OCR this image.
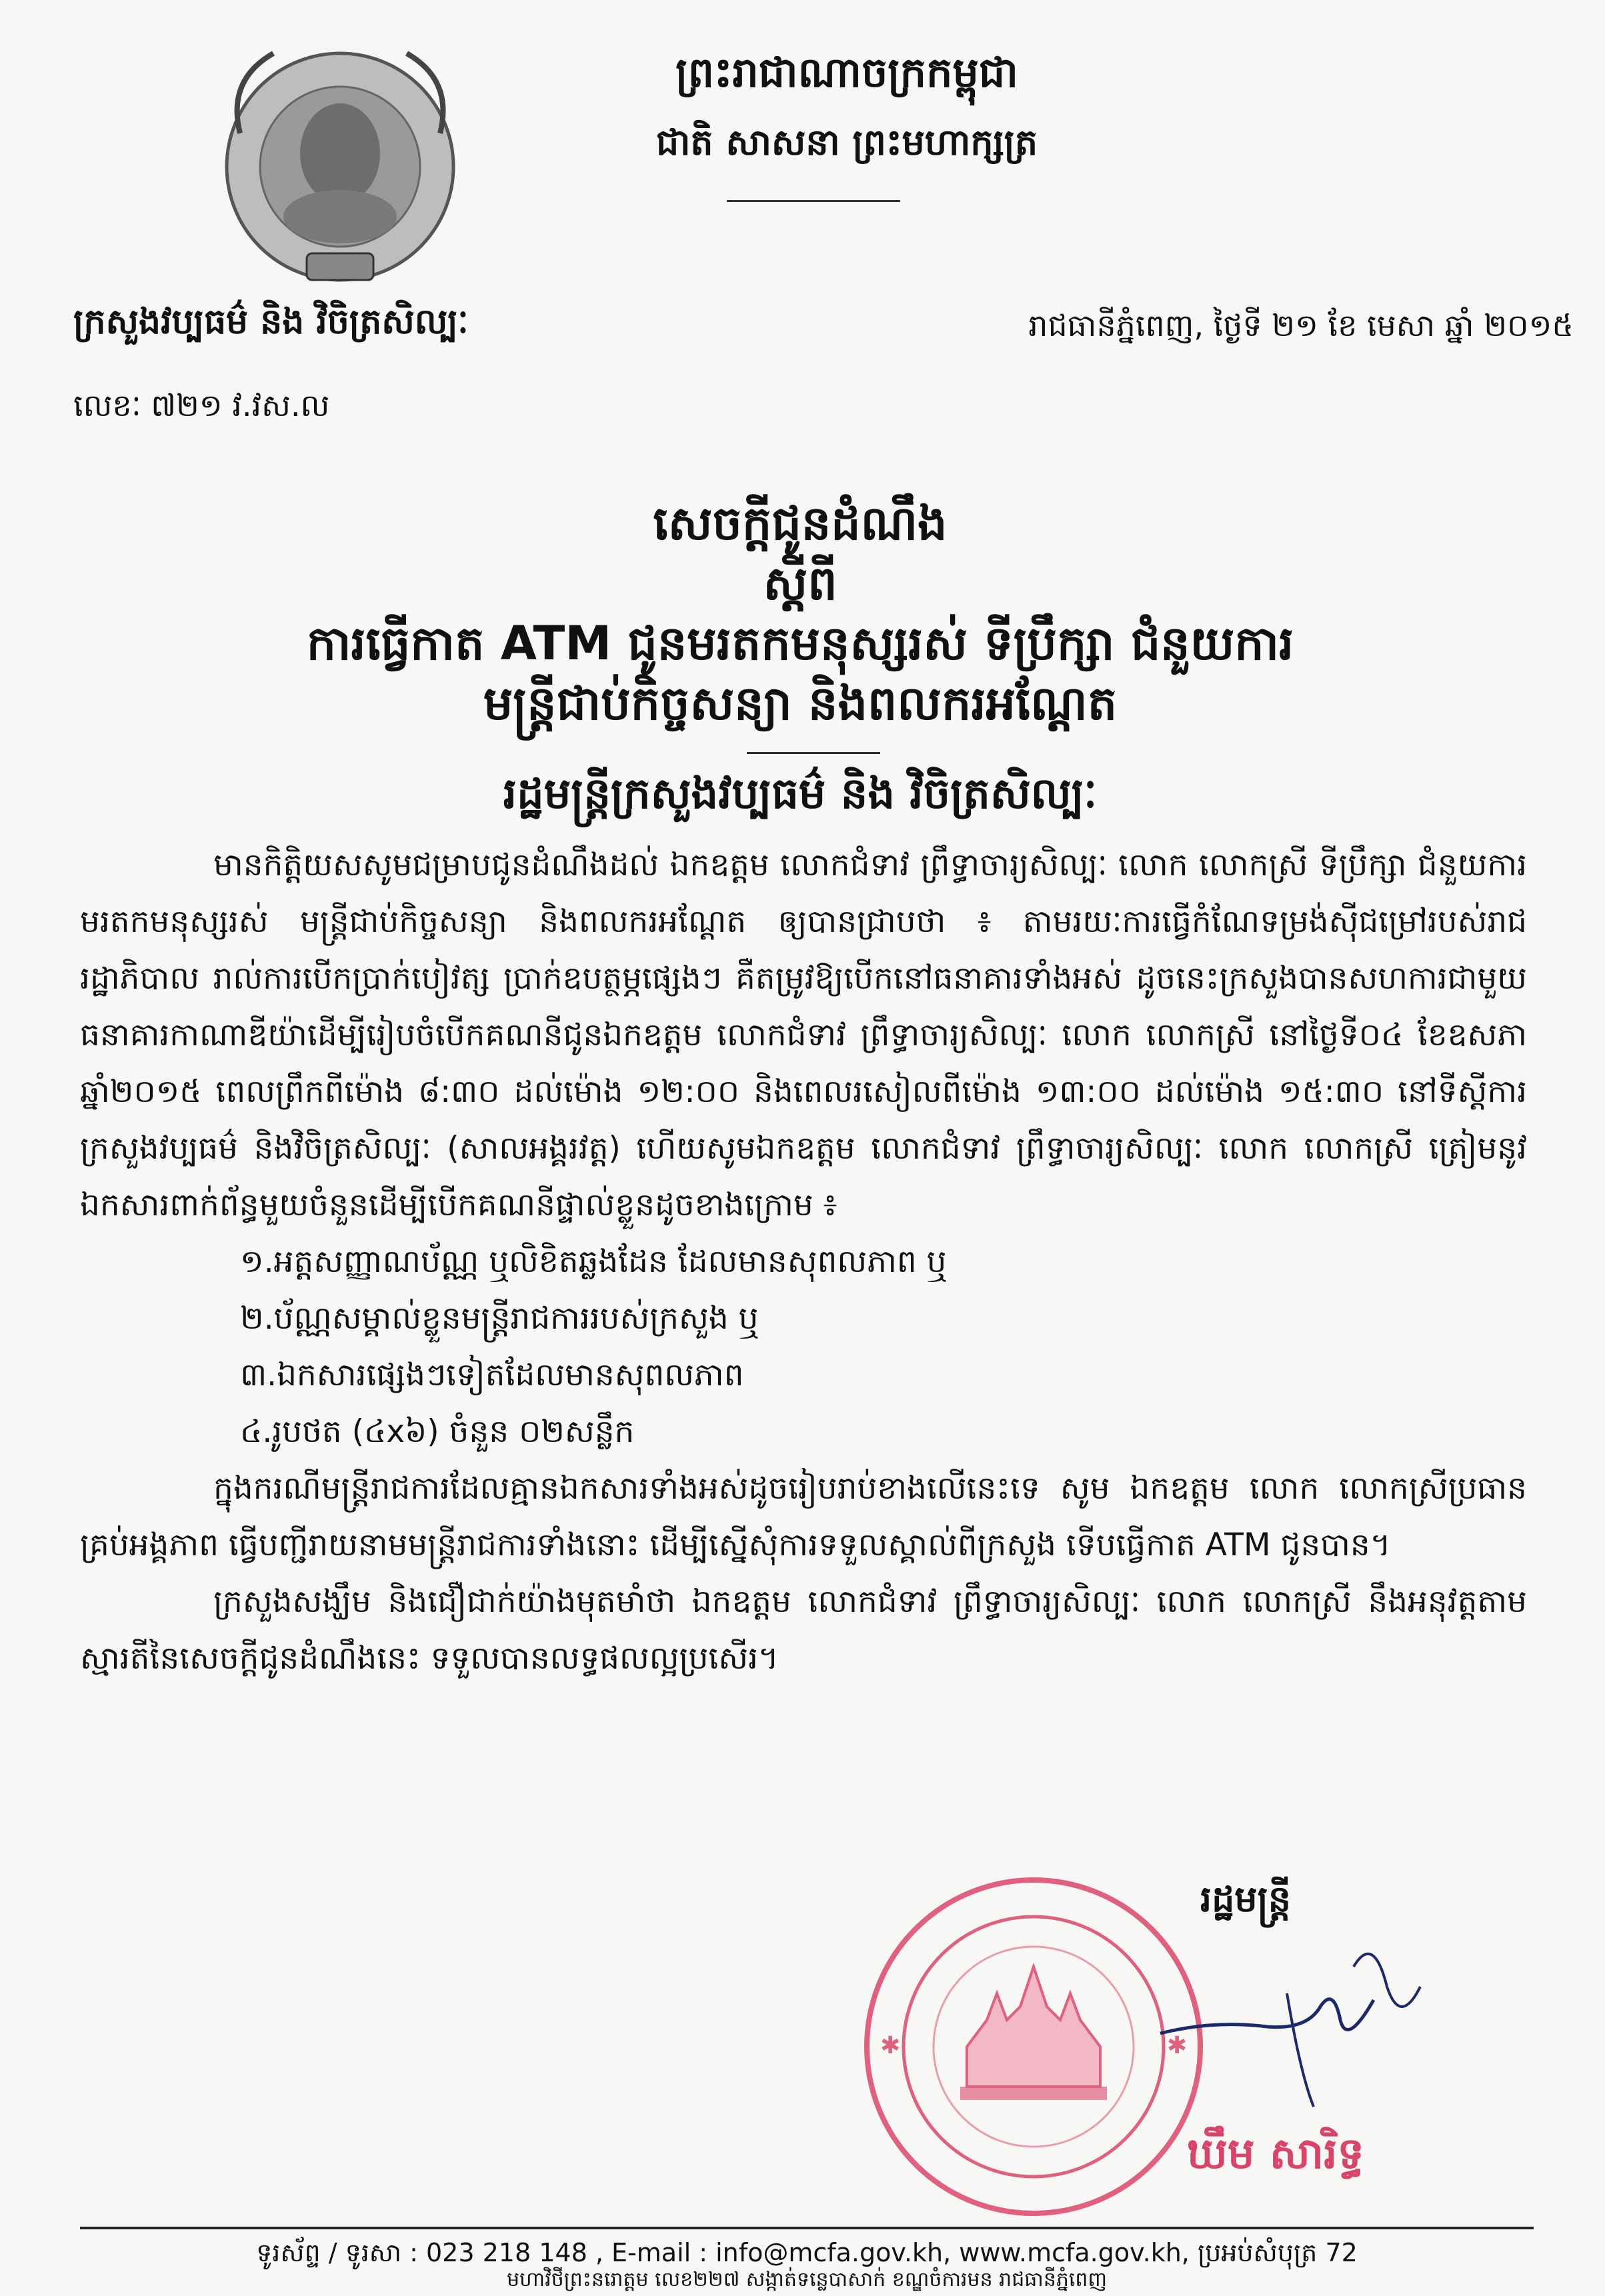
ព្រះរាជាណាចក្រកម្ពុជា
ជាតិ សាសនា ព្រះមហាក្សត្រ
ក្រសួងវប្បធម៌ និង វិចិត្រសិល្បៈ	រាជធានីភ្នំពេញ, ថ្ងៃទី ២១ ខែ មេសា ឆ្នាំ ២០១៥
លេខៈ ៧២១ វ.វស.ល
សេចក្តីជូនដំណឹង
ស្តីពី
ការធ្វើកាត ATM ជូនមរតកមនុស្សរស់ ទីប្រឹក្សា ជំនួយការ
មន្ត្រីជាប់កិច្ចសន្យា និងពលករអណ្តែត
រដ្ឋមន្ត្រីក្រសួងវប្បធម៌ និង វិចិត្រសិល្បៈ

មានកិត្តិយសសូមជម្រាបជូនដំណឹងដល់ ឯកឧត្តម លោកជំទាវ ព្រឹទ្ធាចារ្យសិល្បៈ លោក លោកស្រី ទីប្រឹក្សា ជំនួយការ មរតកមនុស្សរស់ មន្ត្រីជាប់កិច្ចសន្យា និងពលករអណ្តែត ឲ្យបានជ្រាបថា ៖ តាមរយៈការធ្វើកំណែទម្រង់ស៊ីជម្រៅរបស់រាជរដ្ឋាភិបាល រាល់ការបើកប្រាក់បៀវត្ស ប្រាក់ឧបត្ថម្ភផ្សេងៗ គឺតម្រូវឱ្យបើកនៅធនាគារទាំងអស់ ដូចនេះក្រសួងបានសហការជាមួយ ធនាគារកាណាឌីយ៉ាដើម្បីរៀបចំបើកគណនីជូនឯកឧត្តម លោកជំទាវ ព្រឹទ្ធាចារ្យសិល្បៈ លោក លោកស្រី នៅថ្ងៃទី០៤ ខែឧសភា ឆ្នាំ២០១៥ ពេលព្រឹកពីម៉ោង ៨:៣០ ដល់ម៉ោង ១២:០០ និងពេលរសៀលពីម៉ោង ១៣:០០ ដល់ម៉ោង ១៥:៣០ នៅទីស្តីការក្រសួងវប្បធម៌ និងវិចិត្រសិល្បៈ (សាលអង្គរវត្ត) ហើយសូមឯកឧត្តម លោកជំទាវ ព្រឹទ្ធាចារ្យសិល្បៈ លោក លោកស្រី ត្រៀមនូវឯកសារពាក់ព័ន្ធមួយចំនួនដើម្បីបើកគណនីផ្ទាល់ខ្លួនដូចខាងក្រោម ៖

១.អត្តសញ្ញាណប័ណ្ណ ឬលិខិតឆ្លងដែន ដែលមានសុពលភាព ឬ

២.ប័ណ្ណសម្គាល់ខ្លួនមន្ត្រីរាជការរបស់ក្រសួង ឬ

៣.ឯកសារផ្សេងៗទៀតដែលមានសុពលភាព

៤.រូបថត (៤x៦) ចំនួន ០២សន្លឹក

ក្នុងករណីមន្ត្រីរាជការដែលគ្មានឯកសារទាំងអស់ដូចរៀបរាប់ខាងលើនេះទេ សូម ឯកឧត្តម លោក លោកស្រីប្រធានគ្រប់អង្គភាព ធ្វើបញ្ជីរាយនាមមន្ត្រីរាជការទាំងនោះ ដើម្បីស្នើសុំការទទួលស្គាល់ពីក្រសួង ទើបធ្វើកាត ATM ជូនបាន។

ក្រសួងសង្ឃឹម និងជឿជាក់យ៉ាងមុតមាំថា ឯកឧត្តម លោកជំទាវ ព្រឹទ្ធាចារ្យសិល្បៈ លោក លោកស្រី នឹងអនុវត្តតាមស្មារតីនៃសេចក្តីជូនដំណឹងនេះ ទទួលបានលទ្ធផលល្អប្រសើរ។

✱	✱
រដ្ឋមន្ត្រី
ឃឹម សារិទ្ធ
ទូរស័ព្ទ / ទូរសា : 023 218 148 , E-mail : info@mcfa.gov.kh, www.mcfa.gov.kh, ប្រអប់សំបុត្រ 72
មហាវិថីព្រះនរោត្តម លេខ២២៧ សង្កាត់ទន្លេបាសាក់ ខណ្ឌចំការមន រាជធានីភ្នំពេញ
